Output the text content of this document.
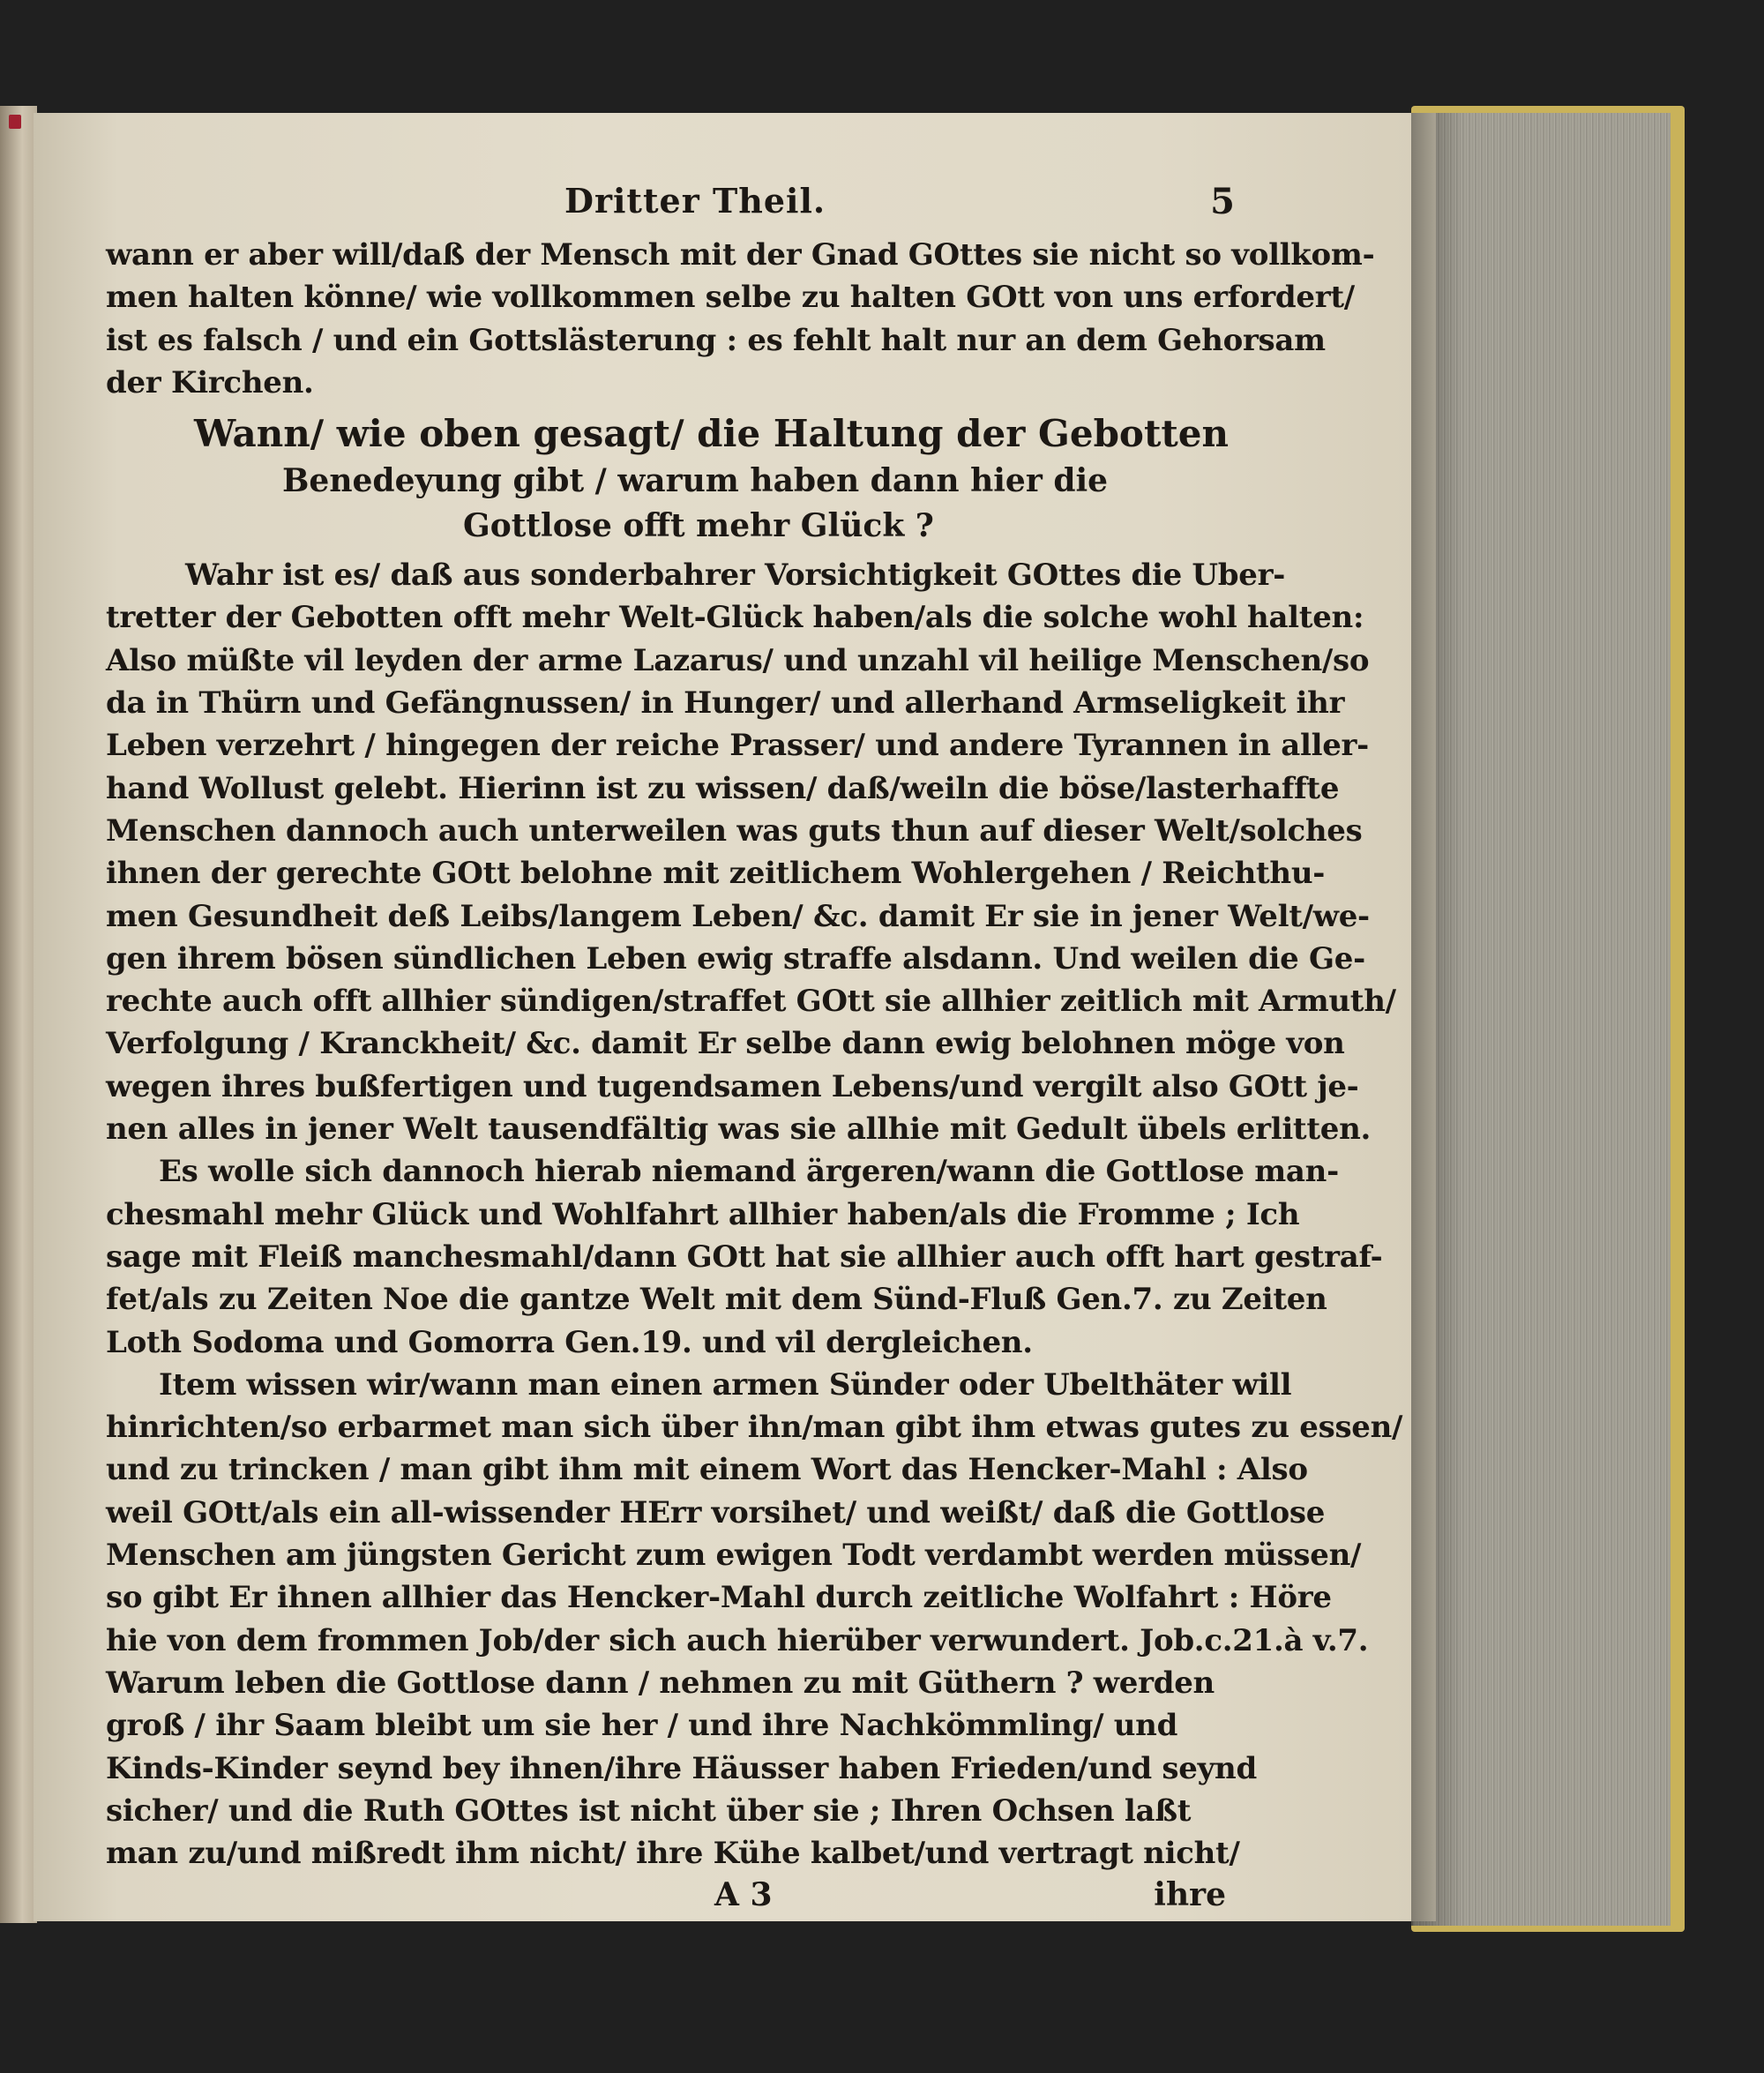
Dritter Theil.	5
wann er aber will/daß der Mensch mit der Gnad GOttes sie nicht so vollkom-
men halten könne/ wie vollkommen selbe zu halten GOtt von uns erfordert/
ist es falsch / und ein Gottslästerung : es fehlt halt nur an dem Gehorsam
der Kirchen.
Wann/ wie oben gesagt/ die Haltung der Gebotten
Benedeyung gibt / warum haben dann hier die
Gottlose offt mehr Glück ?
Wahr ist es/ daß aus sonderbahrer Vorsichtigkeit GOttes die Uber-
tretter der Gebotten offt mehr Welt-Glück haben/als die solche wohl halten:
Also müßte vil leyden der arme Lazarus/ und unzahl vil heilige Menschen/so
da in Thürn und Gefängnussen/ in Hunger/ und allerhand Armseligkeit ihr
Leben verzehrt / hingegen der reiche Prasser/ und andere Tyrannen in aller-
hand Wollust gelebt. Hierinn ist zu wissen/ daß/weiln die böse/lasterhaffte
Menschen dannoch auch unterweilen was guts thun auf dieser Welt/solches
ihnen der gerechte GOtt belohne mit zeitlichem Wohlergehen / Reichthu-
men Gesundheit deß Leibs/langem Leben/ &c. damit Er sie in jener Welt/we-
gen ihrem bösen sündlichen Leben ewig straffe alsdann. Und weilen die Ge-
rechte auch offt allhier sündigen/straffet GOtt sie allhier zeitlich mit Armuth/
Verfolgung / Kranckheit/ &c. damit Er selbe dann ewig belohnen möge von
wegen ihres bußfertigen und tugendsamen Lebens/und vergilt also GOtt je-
nen alles in jener Welt tausendfältig was sie allhie mit Gedult übels erlitten.
Es wolle sich dannoch hierab niemand ärgeren/wann die Gottlose man-
chesmahl mehr Glück und Wohlfahrt allhier haben/als die Fromme ; Ich
sage mit Fleiß manchesmahl/dann GOtt hat sie allhier auch offt hart gestraf-
fet/als zu Zeiten Noe die gantze Welt mit dem Sünd-Fluß Gen.7. zu Zeiten
Loth Sodoma und Gomorra Gen.19. und vil dergleichen.
Item wissen wir/wann man einen armen Sünder oder Ubelthäter will
hinrichten/so erbarmet man sich über ihn/man gibt ihm etwas gutes zu essen/
und zu trincken / man gibt ihm mit einem Wort das Hencker-Mahl : Also
weil GOtt/als ein all-wissender HErr vorsihet/ und weißt/ daß die Gottlose
Menschen am jüngsten Gericht zum ewigen Todt verdambt werden müssen/
so gibt Er ihnen allhier das Hencker-Mahl durch zeitliche Wolfahrt : Höre
hie von dem frommen Job/der sich auch hierüber verwundert. Job.c.21.à v.7.
Warum leben die Gottlose dann / nehmen zu mit Güthern ? werden
groß / ihr Saam bleibt um sie her / und ihre Nachkömmling/ und
Kinds-Kinder seynd bey ihnen/ihre Häusser haben Frieden/und seynd
sicher/ und die Ruth GOttes ist nicht über sie ; Ihren Ochsen laßt
man zu/und mißredt ihm nicht/ ihre Kühe kalbet/und vertragt nicht/
A 3	ihre
